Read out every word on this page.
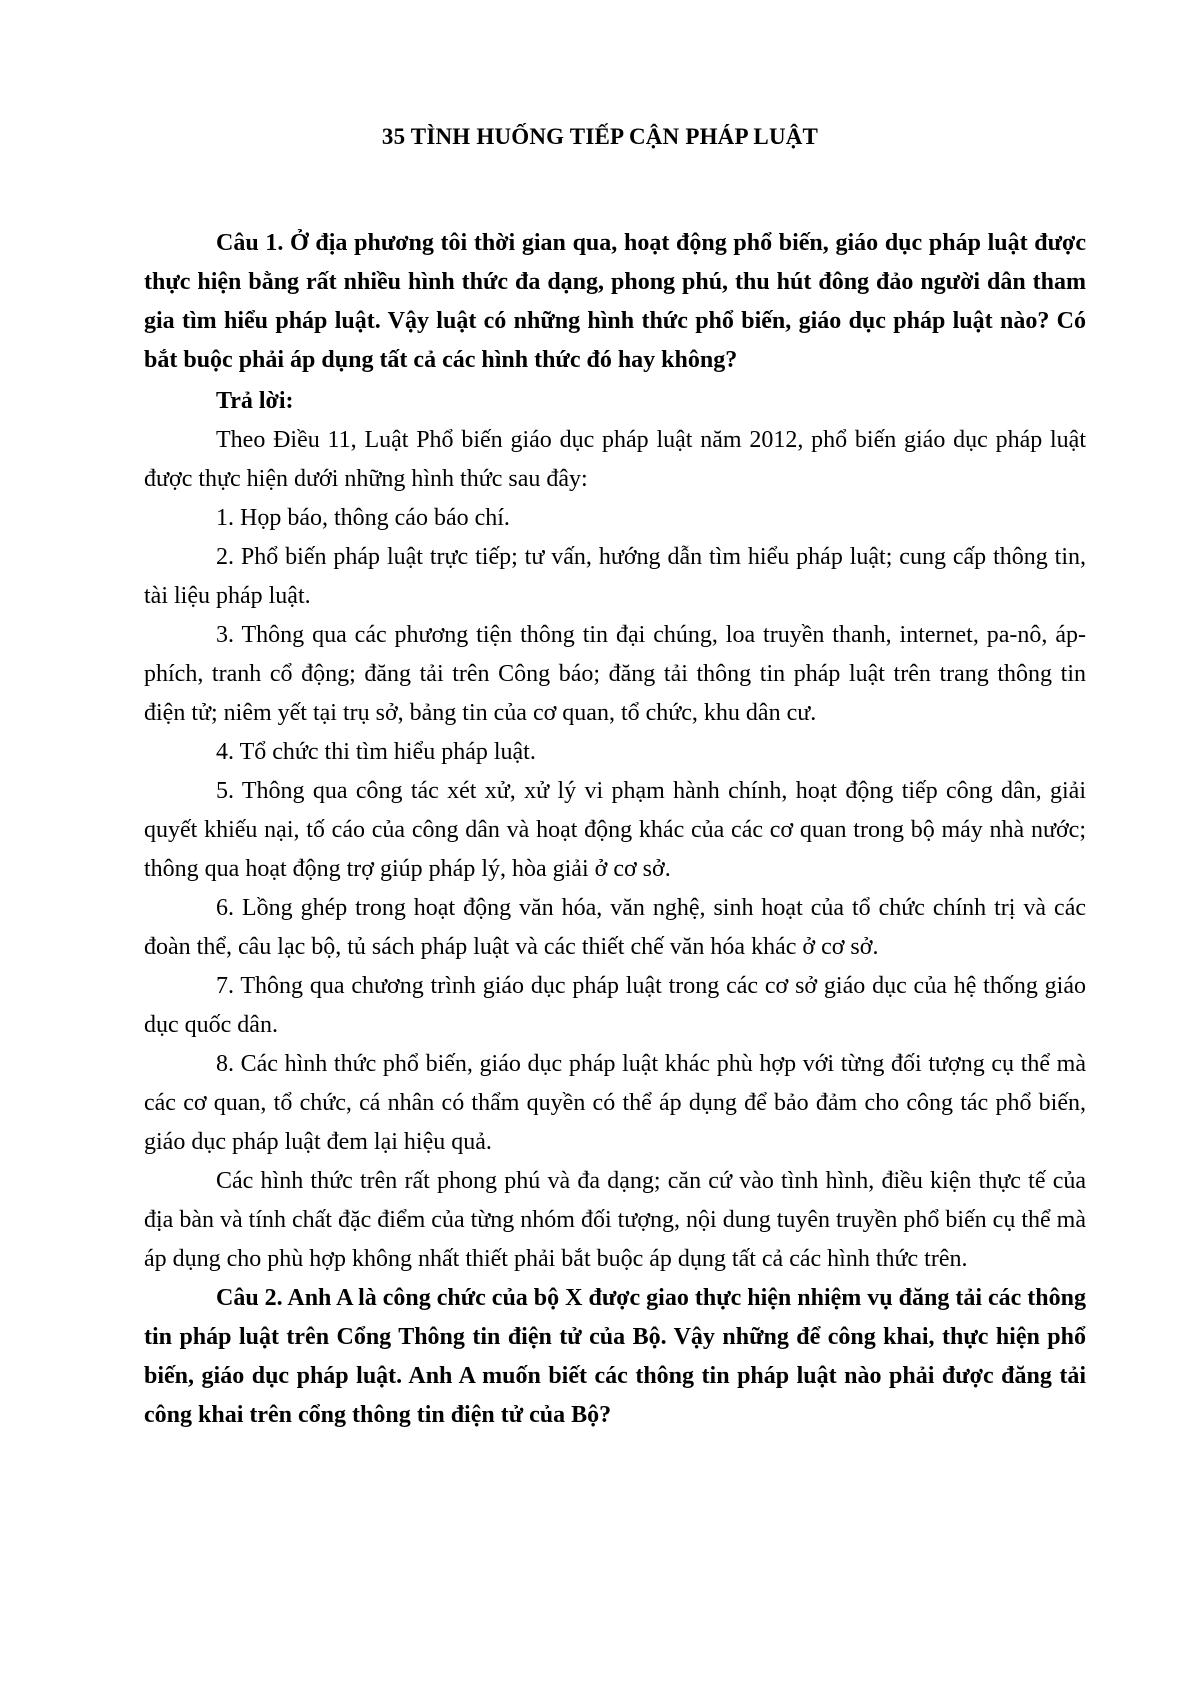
35 TÌNH HUỐNG TIẾP CẬN PHÁP LUẬT

Câu 1. Ở địa phương tôi thời gian qua, hoạt động phổ biến, giáo dục pháp luật được thực hiện bằng rất nhiều hình thức đa dạng, phong phú, thu hút đông đảo người dân tham gia tìm hiểu pháp luật. Vậy luật có những hình thức phổ biến, giáo dục pháp luật nào? Có bắt buộc phải áp dụng tất cả các hình thức đó hay không?

Trả lời:

Theo Điều 11, Luật Phổ biến giáo dục pháp luật năm 2012, phổ biến giáo dục pháp luật được thực hiện dưới những hình thức sau đây:

1. Họp báo, thông cáo báo chí.

2. Phổ biến pháp luật trực tiếp; tư vấn, hướng dẫn tìm hiểu pháp luật; cung cấp thông tin, tài liệu pháp luật.

3. Thông qua các phương tiện thông tin đại chúng, loa truyền thanh, internet, pa-nô, áp-phích, tranh cổ động; đăng tải trên Công báo; đăng tải thông tin pháp luật trên trang thông tin điện tử; niêm yết tại trụ sở, bảng tin của cơ quan, tổ chức, khu dân cư.

4. Tổ chức thi tìm hiểu pháp luật.

5. Thông qua công tác xét xử, xử lý vi phạm hành chính, hoạt động tiếp công dân, giải quyết khiếu nại, tố cáo của công dân và hoạt động khác của các cơ quan trong bộ máy nhà nước; thông qua hoạt động trợ giúp pháp lý, hòa giải ở cơ sở.

6. Lồng ghép trong hoạt động văn hóa, văn nghệ, sinh hoạt của tổ chức chính trị và các đoàn thể, câu lạc bộ, tủ sách pháp luật và các thiết chế văn hóa khác ở cơ sở.

7. Thông qua chương trình giáo dục pháp luật trong các cơ sở giáo dục của hệ thống giáo dục quốc dân.

8. Các hình thức phổ biến, giáo dục pháp luật khác phù hợp với từng đối tượng cụ thể mà các cơ quan, tổ chức, cá nhân có thẩm quyền có thể áp dụng để bảo đảm cho công tác phổ biến, giáo dục pháp luật đem lại hiệu quả.

Các hình thức trên rất phong phú và đa dạng; căn cứ vào tình hình, điều kiện thực tế của địa bàn và tính chất đặc điểm của từng nhóm đối tượng, nội dung tuyên truyền phổ biến cụ thể mà áp dụng cho phù hợp không nhất thiết phải bắt buộc áp dụng tất cả các hình thức trên.

Câu 2. Anh A là công chức của bộ X được giao thực hiện nhiệm vụ đăng tải các thông tin pháp luật trên Cổng Thông tin điện tử của Bộ. Vậy những để công khai, thực hiện phổ biến, giáo dục pháp luật. Anh A muốn biết các thông tin pháp luật nào phải được đăng tải công khai trên cổng thông tin điện tử của Bộ?
